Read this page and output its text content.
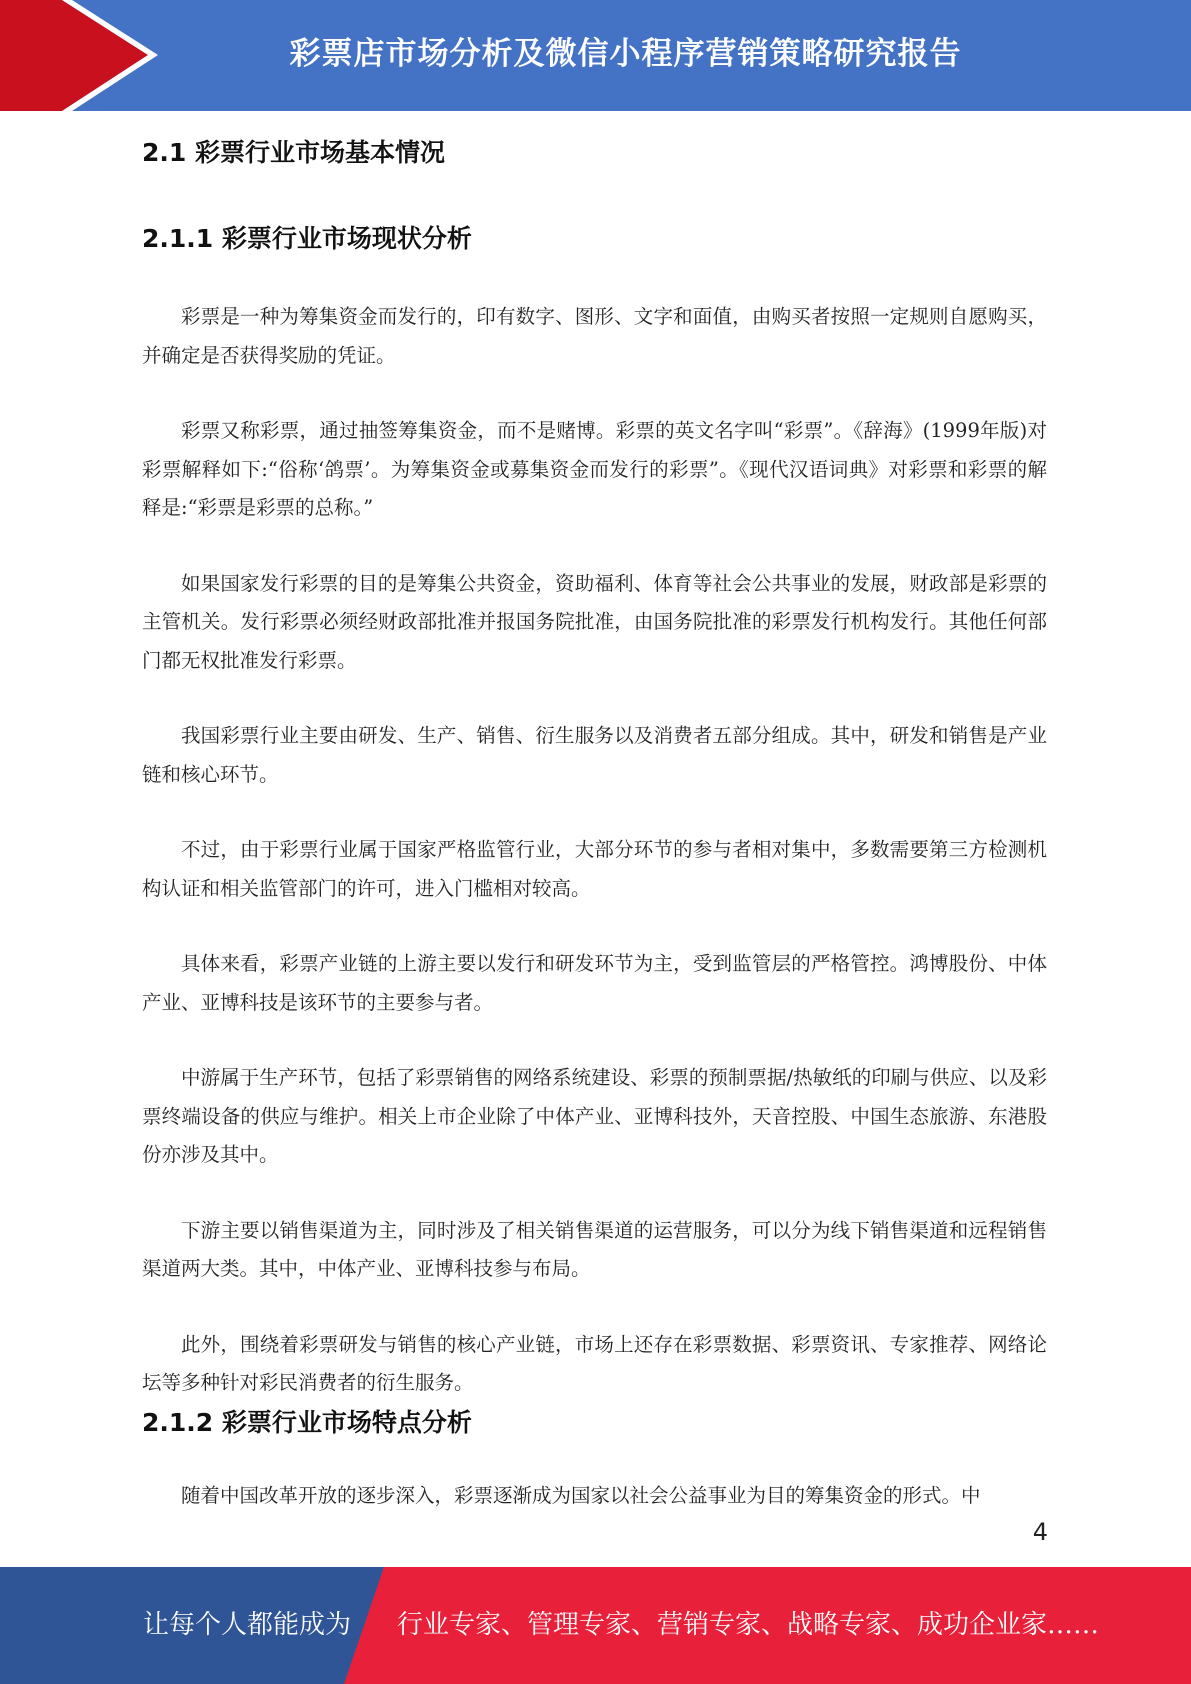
彩票店市场分析及微信小程序营销策略研究报告
2.1 彩票行业市场基本情况
2.1.1 彩票行业市场现状分析

彩票是一种为筹集资金而发行的，印有数字、图形、文字和面值，由购买者按照一定规则自愿购买，并确定是否获得奖励的凭证。

彩票又称彩票，通过抽签筹集资金，而不是赌博。彩票的英文名字叫“彩票”。《辞海》(1999年版)对彩票解释如下:“俗称‘鸽票’。为筹集资金或募集资金而发行的彩票”。《现代汉语词典》对彩票和彩票的解释是:“彩票是彩票的总称。”

如果国家发行彩票的目的是筹集公共资金，资助福利、体育等社会公共事业的发展，财政部是彩票的主管机关。发行彩票必须经财政部批准并报国务院批准，由国务院批准的彩票发行机构发行。其他任何部门都无权批准发行彩票。

我国彩票行业主要由研发、生产、销售、衍生服务以及消费者五部分组成。其中，研发和销售是产业链和核心环节。

不过，由于彩票行业属于国家严格监管行业，大部分环节的参与者相对集中，多数需要第三方检测机构认证和相关监管部门的许可，进入门槛相对较高。

具体来看，彩票产业链的上游主要以发行和研发环节为主，受到监管层的严格管控。鸿博股份、中体产业、亚博科技是该环节的主要参与者。

中游属于生产环节，包括了彩票销售的网络系统建设、彩票的预制票据/热敏纸的印刷与供应、以及彩票终端设备的供应与维护。相关上市企业除了中体产业、亚博科技外，天音控股、中国生态旅游、东港股份亦涉及其中。

下游主要以销售渠道为主，同时涉及了相关销售渠道的运营服务，可以分为线下销售渠道和远程销售渠道两大类。其中，中体产业、亚博科技参与布局。

此外，围绕着彩票研发与销售的核心产业链，市场上还存在彩票数据、彩票资讯、专家推荐、网络论坛等多种针对彩民消费者的衍生服务。

2.1.2 彩票行业市场特点分析

随着中国改革开放的逐步深入，彩票逐渐成为国家以社会公益事业为目的筹集资金的形式。中

4
让每个人都能成为 行业专家、管理专家、营销专家、战略专家、成功企业家……
